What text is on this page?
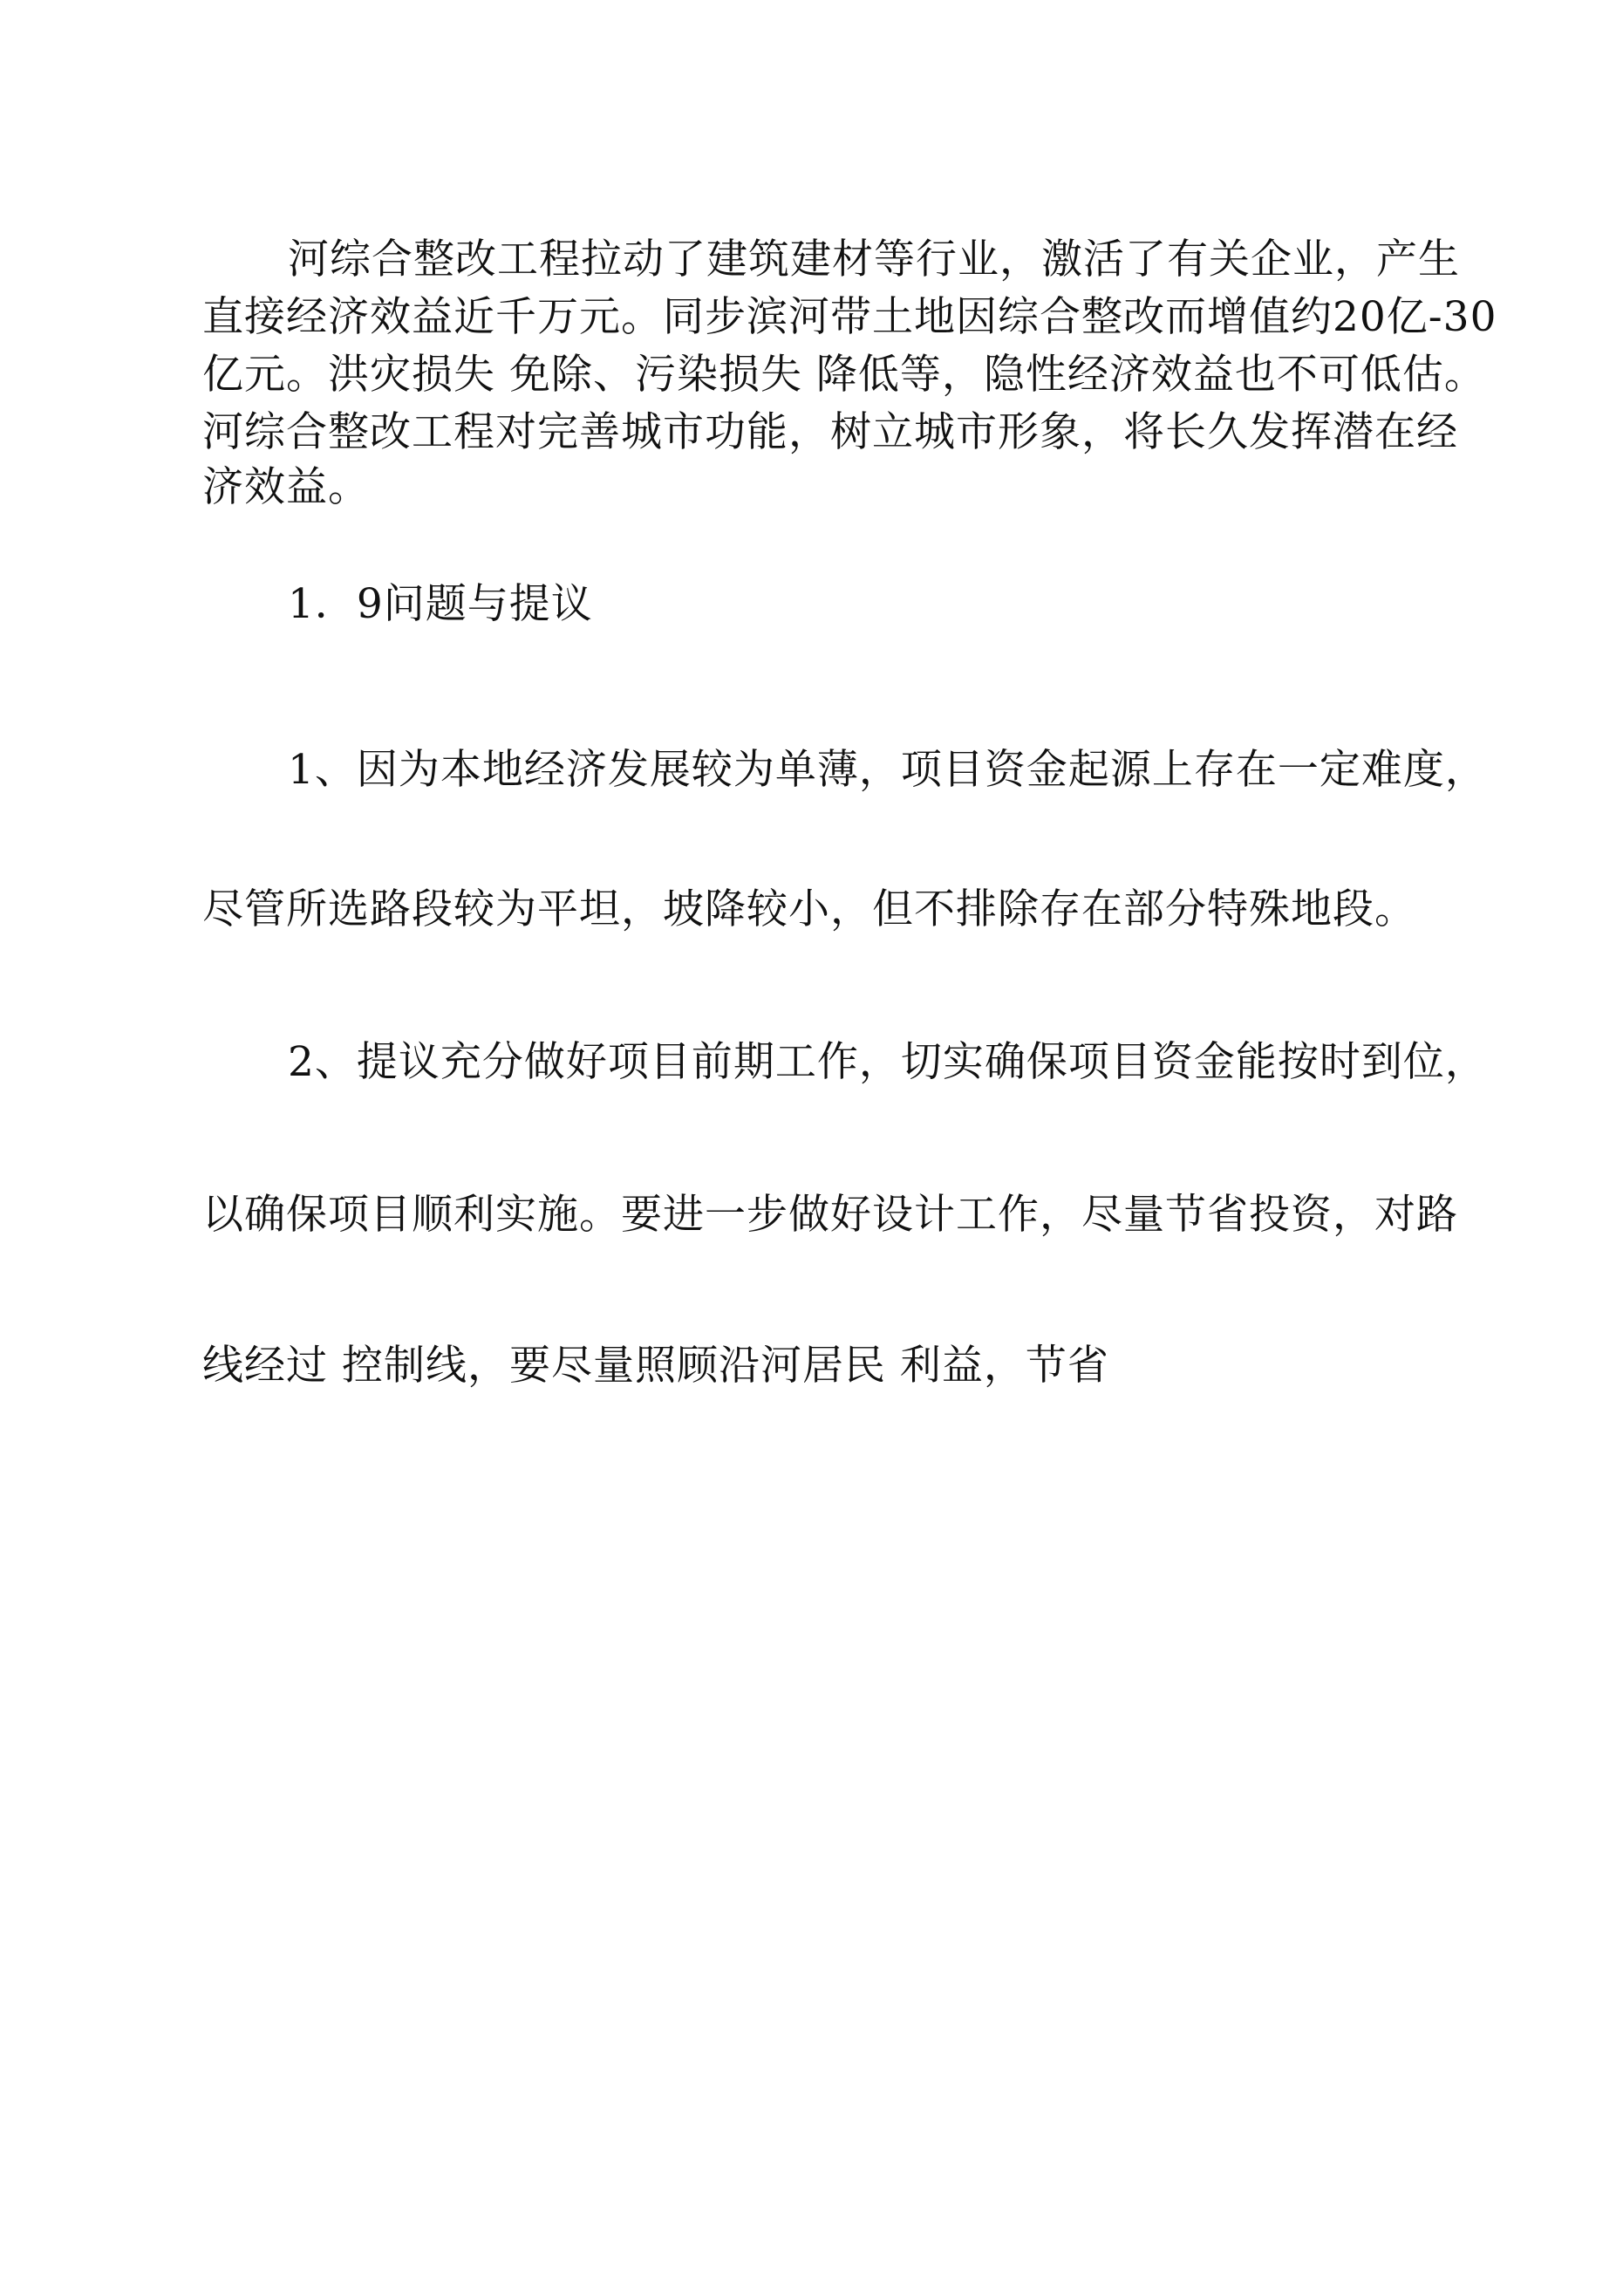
河综合整改工程拉动了建筑建材等行业，激活了有关企业，产生
直接经济效益近千万元。同步滨河带土地因综合整改而增值约20亿-30
亿元。洪灾损失 免除、污染损失 降低等，隐性经济效益也不可低估。
河综合整改工程对完善城市功能，树立城市形象，将长久发挥潜在经
济效益。
1．9问题与提议
1、因为本地经济发展较为单薄，项目资金起源上存在一定难度，
尽管所选路段较为平坦，坡降较小，但不排除存在部分特殊地段。
2、提议充分做好项目前期工作，切实确保项目资金能按时到位，
以确保项目顺利实施。要进一步做好设计工作，尽量节省投资，对路
线经过 控制线，要尽量照顾沿河居民 利益，节省
